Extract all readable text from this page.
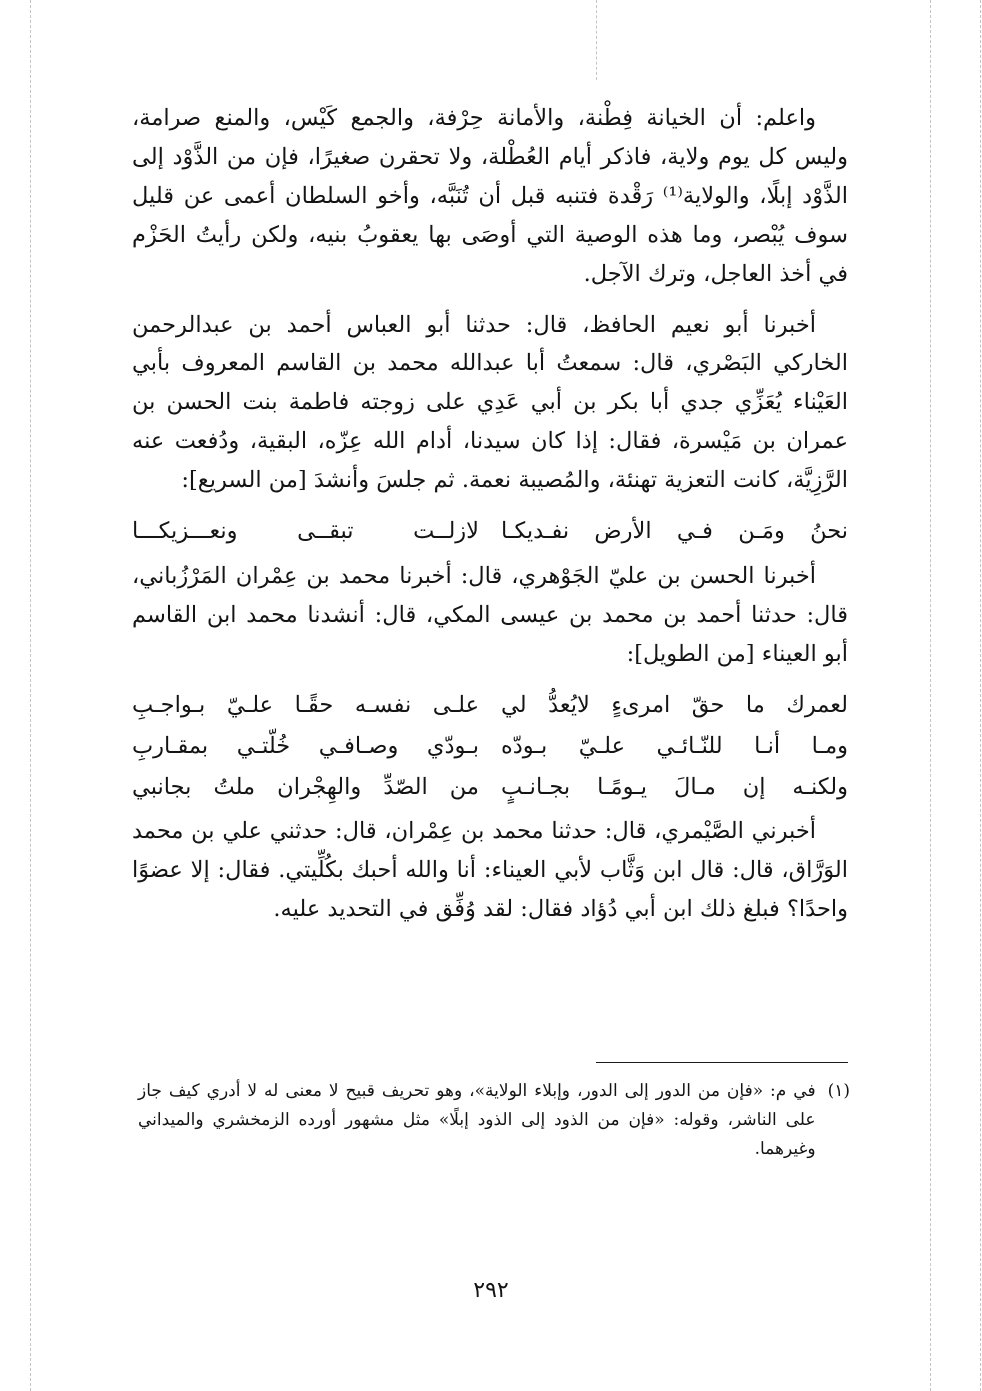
واعلم: أن الخيانة فِطْنة، والأمانة حِرْفة، والجمع كَيْس، والمنع صرامة، وليس كل يوم ولاية، فاذكر أيام العُطْلة، ولا تحقرن صغيرًا، فإن من الذَّوْد إلى الذَّوْد إبلًا، والولاية⁽¹⁾ رَقْدة فتنبه قبل أن تُنَبَّه، وأخو السلطان أعمى عن قليل سوف يُبْصر، وما هذه الوصية التي أوصَى بها يعقوبُ بنيه، ولكن رأيتُ الحَزْم في أخذ العاجل، وترك الآجل.

أخبرنا أبو نعيم الحافظ، قال: حدثنا أبو العباس أحمد بن عبدالرحمن الخاركي البَصْري، قال: سمعتُ أبا عبدالله محمد بن القاسم المعروف بأبي العَيْناء يُعَزِّي جدي أبا بكر بن أبي عَدِي على زوجته فاطمة بنت الحسن بن عمران بن مَيْسرة، فقال: إذا كان سيدنا، أدام الله عِزّه، البقية، ودُفعت عنه الرَّزِيَّة، كانت التعزية تهنئة، والمُصيبة نعمة. ثم جلسَ وأنشدَ [من السريع]:

نحنُ ومَـن فـي الأرض نفـديكـا
لازلــت تبقــى ونعـــزيكـــا

أخبرنا الحسن بن عليّ الجَوْهري، قال: أخبرنا محمد بن عِمْران المَرْزُباني، قال: حدثنا أحمد بن محمد بن عيسى المكي، قال: أنشدنا محمد ابن القاسم أبو العيناء [من الطويل]:

لعمرك ما حقّ امرىءٍ لايُعدُّ لي
علـى نفسـه حقًـا علـيّ بـواجـبِ
ومـا أنـا للنّـائـي علـيّ بـودّه
بـودّي وصـافـي خُلّتـي بمقـاربِ
ولكنـه إن مـالَ يـومًـا بجـانـبٍ
من الصّدِّ والهِجْران ملتُ بجانبي

أخبرني الصَّيْمري، قال: حدثنا محمد بن عِمْران، قال: حدثني علي بن محمد الوَرَّاق، قال: قال ابن وَثَّاب لأبي العيناء: أنا والله أحبك بكُلِّيتي. فقال: إلا عضوًا واحدًا؟ فبلغ ذلك ابن أبي دُؤاد فقال: لقد وُفِّق في التحديد عليه.

(١)
في م: «فإن من الدور إلى الدور، وإبلاء الولاية»، وهو تحريف قبيح لا معنى له لا أدري كيف جاز على الناشر، وقوله: «فإن من الذود إلى الذود إبلًا» مثل مشهور أورده الزمخشري والميداني وغيرهما.
٢٩٢
